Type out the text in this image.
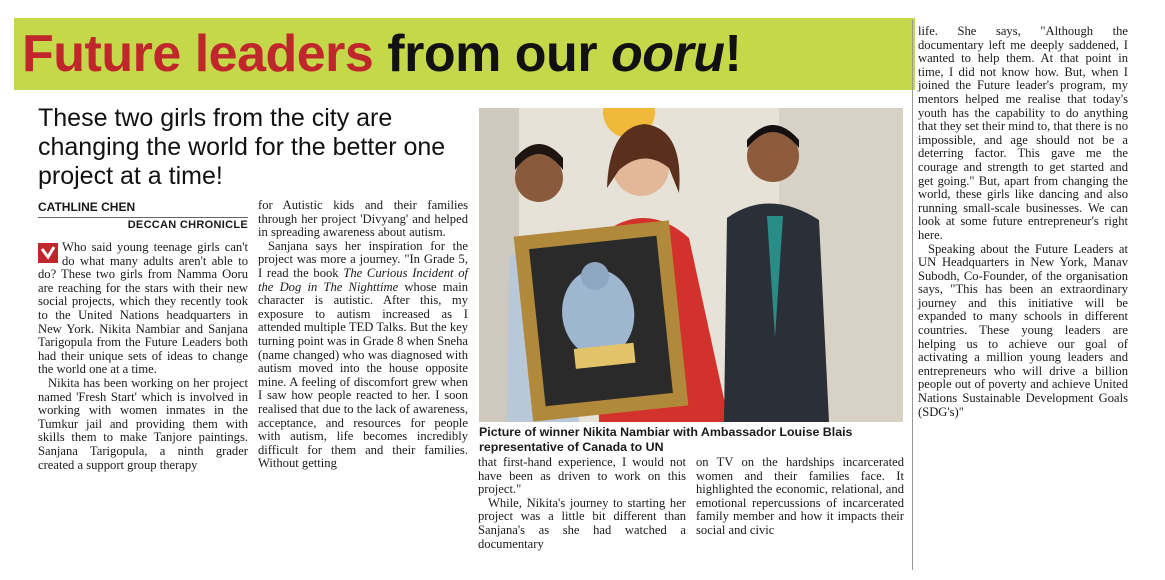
Future leaders from our ooru!
These two girls from the city are changing the world for the better one project at a time!
CATHLINE CHEN
DECCAN CHRONICLE

Who said young teenage girls can't do what many adults aren't able to do? These two girls from Namma Ooru are reaching for the stars with their new social projects, which they recently took to the United Nations headquarters in New York. Nikita Nambiar and Sanjana Tarigopula from the Future Leaders both had their unique sets of ideas to change the world one at a time.

Nikita has been working on her project named 'Fresh Start' which is involved in working with women inmates in the Tumkur jail and providing them with skills them to make Tanjore paintings. Sanjana Tarigopula, a ninth grader created a support group therapy

for Autistic kids and their families through her project 'Divyang' and helped in spreading awareness about autism.

Sanjana says her inspiration for the project was more a journey. "In Grade 5, I read the book The Curious Incident of the Dog in The Nighttime whose main character is autistic. After this, my exposure to autism increased as I attended multiple TED Talks. But the key turning point was in Grade 8 when Sneha (name changed) who was diagnosed with autism moved into the house opposite mine. A feeling of discomfort grew when I saw how people reacted to her. I soon realised that due to the lack of awareness, acceptance, and resources for people with autism, life becomes incredibly difficult for them and their families. Without getting

Picture of winner Nikita Nambiar with Ambassador Louise Blais representative of Canada to UN

that first-hand experience, I would not have been as driven to work on this project."

While, Nikita's journey to starting her project was a little bit different than Sanjana's as she had watched a documentary

on TV on the hardships incarcerated women and their families face. It highlighted the economic, relational, and emotional repercussions of incarcerated family member and how it impacts their social and civic

life. She says, "Although the documentary left me deeply saddened, I wanted to help them. At that point in time, I did not know how. But, when I joined the Future leader's program, my mentors helped me realise that today's youth has the capability to do anything that they set their mind to, that there is no impossible, and age should not be a deterring factor. This gave me the courage and strength to get started and get going." But, apart from changing the world, these girls like dancing and also running small-scale businesses. We can look at some future entrepreneur's right here.

Speaking about the Future Leaders at UN Headquarters in New York, Manav Subodh, Co-Founder, of the organisation says, "This has been an extraordinary journey and this initiative will be expanded to many schools in different countries. These young leaders are helping us to achieve our goal of activating a million young leaders and entrepreneurs who will drive a billion people out of poverty and achieve United Nations Sustainable Development Goals (SDG's)"
